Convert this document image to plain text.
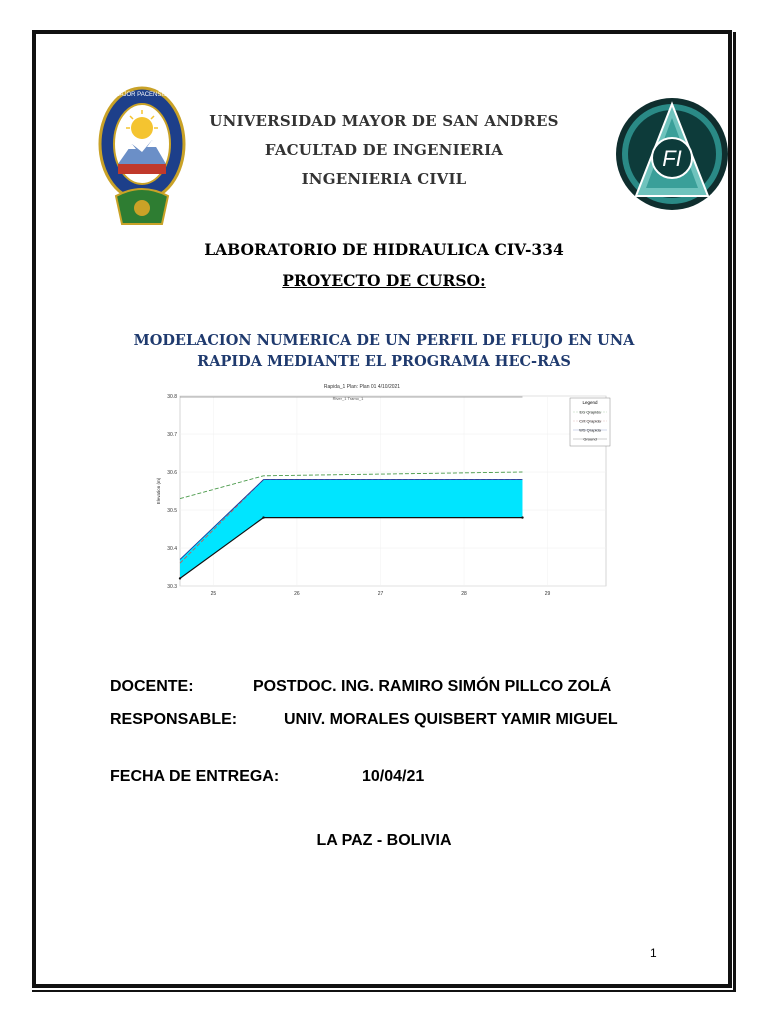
UNIVERSITAS MAJOR PACENSIS DIVI ANDREAE
FI
UNIVERSIDAD MAYOR DE SAN ANDRES
FACULTAD DE INGENIERIA
INGENIERIA CIVIL
LABORATORIO DE HIDRAULICA CIV-334
PROYECTO DE CURSO:
MODELACION NUMERICA DE UN PERFIL DE FLUJO EN UNA
RAPIDA MEDIANTE EL PROGRAMA HEC-RAS
30.8
30.7
30.6
30.5
30.4
30.3
25	26	27	28	29
Elevation (m)
Rapida_1 Plan: Plan 01 4/10/2021
River_1 Tramo_1
Legend
EG Qrapida
Crit Qrapida
WS Qrapida
Ground
DOCENTE:	POSTDOC. ING. RAMIRO SIMÓN PILLCO ZOLÁ
RESPONSABLE:	UNIV. MORALES QUISBERT YAMIR MIGUEL
FECHA DE ENTREGA:	10/04/21
LA PAZ - BOLIVIA
1
